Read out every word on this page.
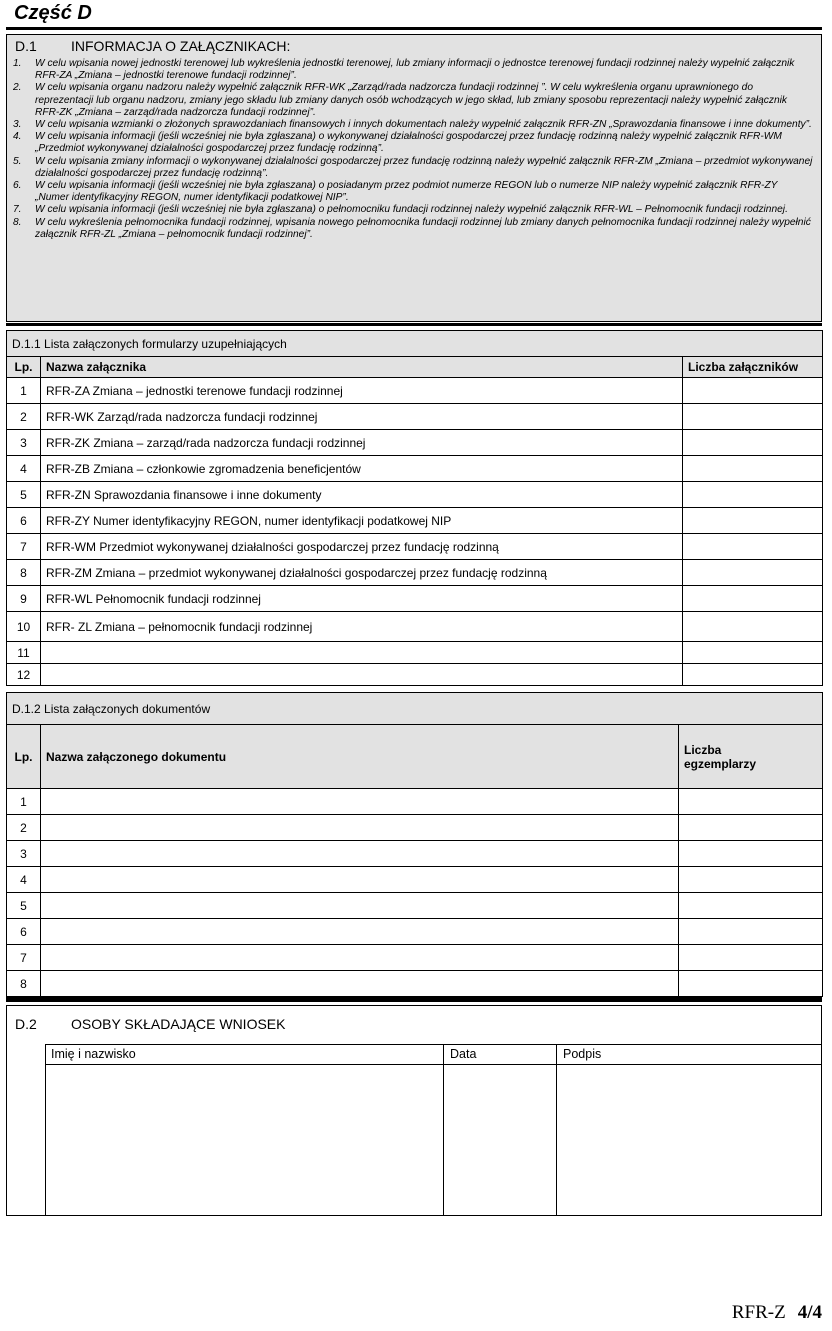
Część D
D.1 INFORMACJA O ZAŁĄCZNIKACH:
1. W celu wpisania nowej jednostki terenowej lub wykreślenia jednostki terenowej, lub zmiany informacji o jednostce terenowej fundacji rodzinnej należy wypełnić załącznik RFR-ZA „Zmiana – jednostki terenowe fundacji rodzinnej”.
2. W celu wpisania organu nadzoru należy wypełnić załącznik RFR-WK „Zarząd/rada nadzorcza fundacji rodzinnej ”. W celu wykreślenia organu uprawnionego do reprezentacji lub organu nadzoru, zmiany jego składu lub zmiany danych osób wchodzących w jego skład, lub zmiany sposobu reprezentacji należy wypełnić załącznik RFR-ZK „Zmiana – zarząd/rada nadzorcza fundacji rodzinnej”.
3. W celu wpisania wzmianki o złożonych sprawozdaniach finansowych i innych dokumentach należy wypełnić załącznik RFR-ZN „Sprawozdania finansowe i inne dokumenty”.
4. W celu wpisania informacji (jeśli wcześniej nie była zgłaszana) o wykonywanej działalności gospodarczej przez fundację rodzinną należy wypełnić załącznik RFR-WM „Przedmiot wykonywanej działalności gospodarczej przez fundację rodzinną”.
5. W celu wpisania zmiany informacji o wykonywanej działalności gospodarczej przez fundację rodzinną należy wypełnić załącznik RFR-ZM „Zmiana – przedmiot wykonywanej działalności gospodarczej przez fundację rodzinną”.
6. W celu wpisania informacji (jeśli wcześniej nie była zgłaszana) o posiadanym przez podmiot numerze REGON lub o numerze NIP należy wypełnić załącznik RFR-ZY „Numer identyfikacyjny REGON, numer identyfikacji podatkowej NIP”.
7. W celu wpisania informacji (jeśli wcześniej nie była zgłaszana) o pełnomocniku fundacji rodzinnej należy wypełnić załącznik RFR-WL – Pełnomocnik fundacji rodzinnej.
8. W celu wykreślenia pełnomocnika fundacji rodzinnej, wpisania nowego pełnomocnika fundacji rodzinnej lub zmiany danych pełnomocnika fundacji rodzinnej należy wypełnić załącznik RFR-ZL „Zmiana – pełnomocnik fundacji rodzinnej”.
D.1.1 Lista załączonych formularzy uzupełniających		
Lp.	Nazwa załącznika	Liczba załączników
1	RFR-ZA Zmiana – jednostki terenowe fundacji rodzinnej	
2	RFR-WK Zarząd/rada nadzorcza fundacji rodzinnej	
3	RFR-ZK Zmiana – zarząd/rada nadzorcza fundacji rodzinnej	
4	RFR-ZB Zmiana – członkowie zgromadzenia beneficjentów	
5	RFR-ZN Sprawozdania finansowe i inne dokumenty	
6	RFR-ZY Numer identyfikacyjny REGON, numer identyfikacji podatkowej NIP	
7	RFR-WM Przedmiot wykonywanej działalności gospodarczej przez fundację rodzinną	
8	RFR-ZM Zmiana – przedmiot wykonywanej działalności gospodarczej przez fundację rodzinną	
9	RFR-WL Pełnomocnik fundacji rodzinnej	
10	RFR- ZL Zmiana – pełnomocnik fundacji rodzinnej	
11		
12		
D.1.2 Lista załączonych dokumentów		
Lp.	Nazwa załączonego dokumentu	Liczba
egzemplarzy
1		
2		
3		
4		
5		
6		
7		
8		
D.2 OSOBY SKŁADAJĄCE WNIOSEK
Imię i nazwisko	Data	Podpis
RFR-Z 4/4
